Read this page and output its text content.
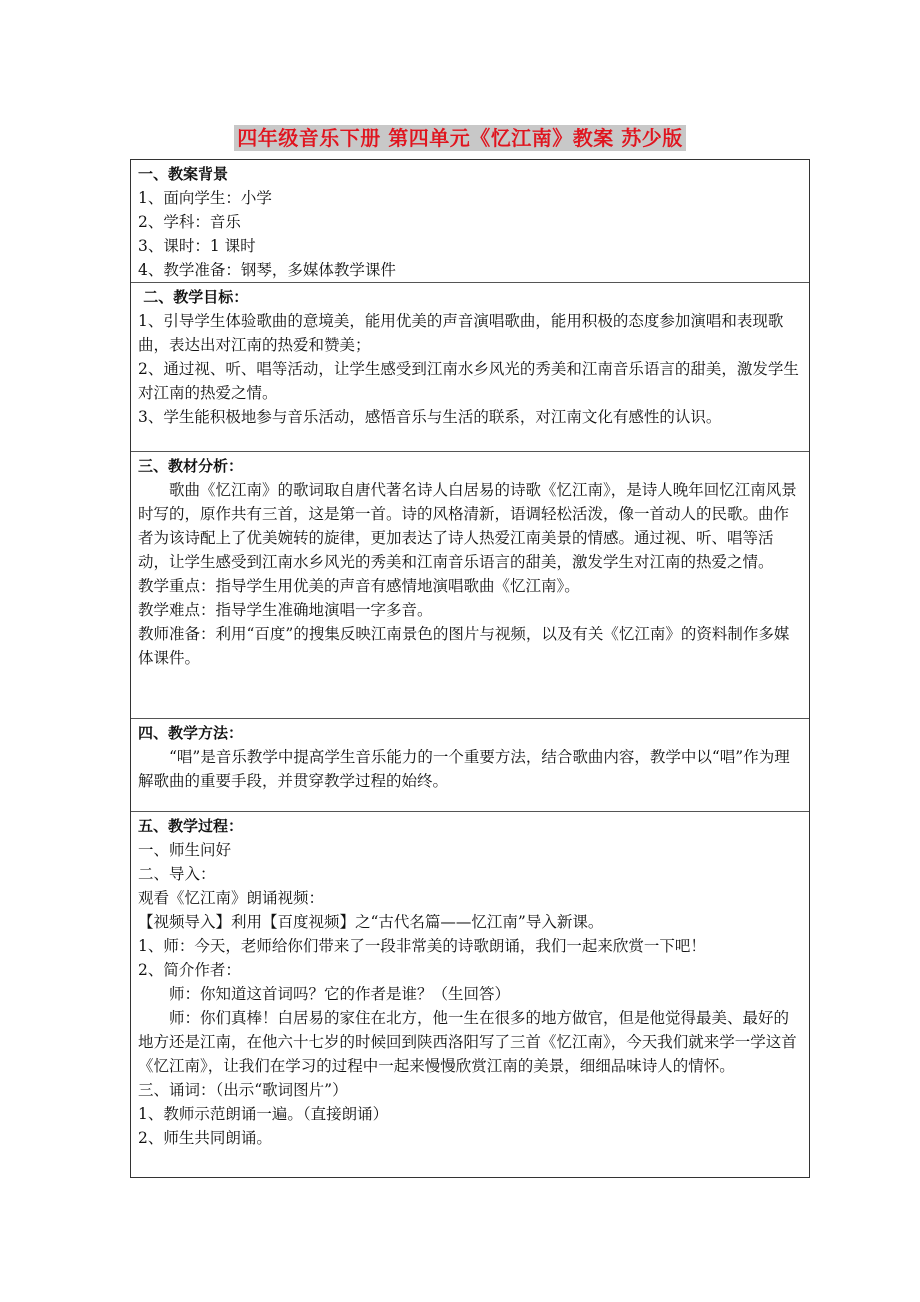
四年级音乐下册 第四单元《忆江南》教案 苏少版

一、教案背景

1、面向学生：小学

2、学科：音乐

3、课时：1 课时

4、教学准备：钢琴，多媒体教学课件

二、教学目标：

1、引导学生体验歌曲的意境美，能用优美的声音演唱歌曲，能用积极的态度参加演唱和表现歌曲，表达出对江南的热爱和赞美；

2、通过视、听、唱等活动，让学生感受到江南水乡风光的秀美和江南音乐语言的甜美，激发学生对江南的热爱之情。

3、学生能积极地参与音乐活动，感悟音乐与生活的联系，对江南文化有感性的认识。

三、教材分析：

歌曲《忆江南》的歌词取自唐代著名诗人白居易的诗歌《忆江南》，是诗人晚年回忆江南风景时写的，原作共有三首，这是第一首。诗的风格清新，语调轻松活泼，像一首动人的民歌。曲作者为该诗配上了优美婉转的旋律，更加表达了诗人热爱江南美景的情感。通过视、听、唱等活动，让学生感受到江南水乡风光的秀美和江南音乐语言的甜美，激发学生对江南的热爱之情。

教学重点：指导学生用优美的声音有感情地演唱歌曲《忆江南》。

教学难点：指导学生准确地演唱一字多音。

教师准备：利用“百度”的搜集反映江南景色的图片与视频，以及有关《忆江南》的资料制作多媒体课件。

四、教学方法：

“唱”是音乐教学中提高学生音乐能力的一个重要方法，结合歌曲内容，教学中以“唱”作为理解歌曲的重要手段，并贯穿教学过程的始终。

五、教学过程：

一、师生问好

二、导入：

观看《忆江南》朗诵视频：

【视频导入】利用【百度视频】之“古代名篇——忆江南”导入新课。

1、师：今天，老师给你们带来了一段非常美的诗歌朗诵，我们一起来欣赏一下吧！

2、简介作者：

师：你知道这首词吗？它的作者是谁？（生回答）

师：你们真棒！白居易的家住在北方，他一生在很多的地方做官，但是他觉得最美、最好的地方还是江南，在他六十七岁的时候回到陕西洛阳写了三首《忆江南》，今天我们就来学一学这首《忆江南》，让我们在学习的过程中一起来慢慢欣赏江南的美景，细细品味诗人的情怀。

三、诵词：（出示“歌词图片”）

1、教师示范朗诵一遍。（直接朗诵）

2、师生共同朗诵。
